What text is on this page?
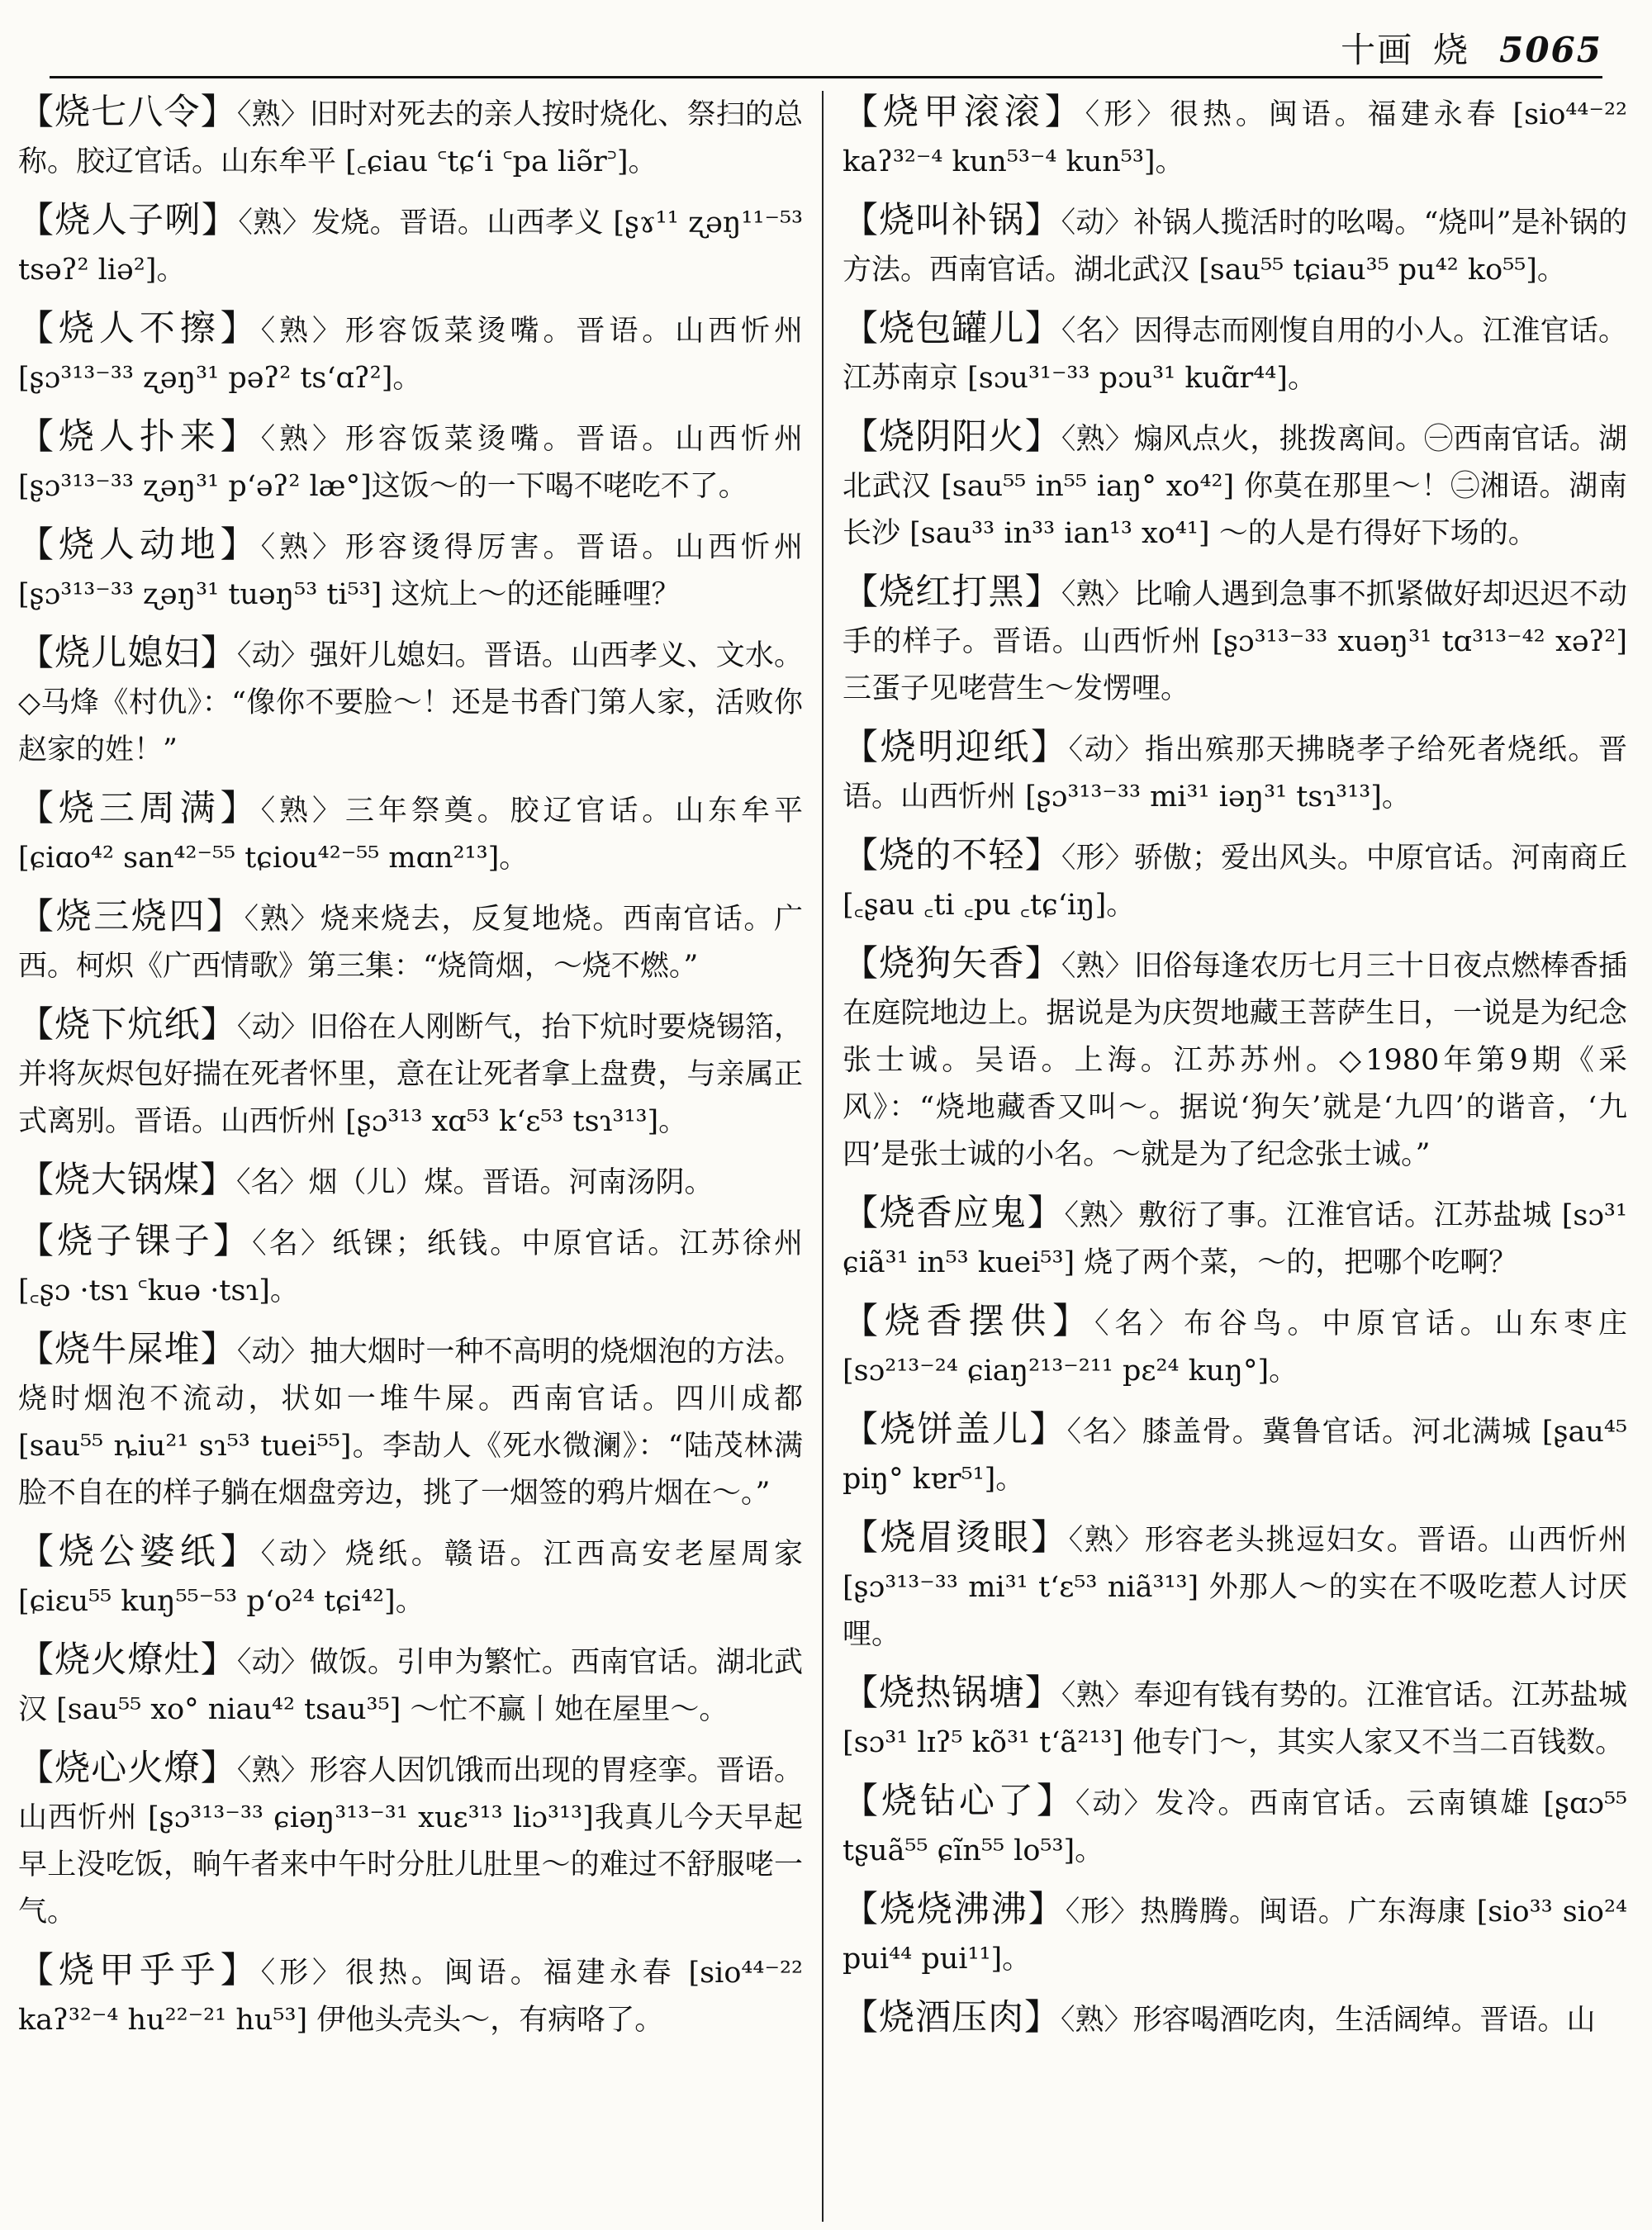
十画 烧 5065
【烧七八令】〈熟〉旧时对死去的亲人按时烧化、祭扫的总称。胶辽官话。山东牟平 [꜀ɕiau ꜂tɕʻi ꜂pa liə̃r꜄]。
【烧人子咧】〈熟〉发烧。晋语。山西孝义 [ʂɤ¹¹ ʐəŋ¹¹⁻⁵³ tsəʔ² liə²]。
【烧人不擦】〈熟〉形容饭菜烫嘴。晋语。山西忻州 [ʂɔ³¹³⁻³³ ʐəŋ³¹ pəʔ² tsʻɑʔ²]。
【烧人扑来】〈熟〉形容饭菜烫嘴。晋语。山西忻州 [ʂɔ³¹³⁻³³ ʐəŋ³¹ pʻəʔ² læ°]这饭～的一下喝不咾吃不了。
【烧人动地】〈熟〉形容烫得厉害。晋语。山西忻州 [ʂɔ³¹³⁻³³ ʐəŋ³¹ tuəŋ⁵³ ti⁵³] 这炕上～的还能睡哩？
【烧儿媳妇】〈动〉强奸儿媳妇。晋语。山西孝义、文水。◇马烽《村仇》：“像你不要脸～！还是书香门第人家，活败你赵家的姓！”
【烧三周满】〈熟〉三年祭奠。胶辽官话。山东牟平 [ɕiɑo⁴² san⁴²⁻⁵⁵ tɕiou⁴²⁻⁵⁵ mɑn²¹³]。
【烧三烧四】〈熟〉烧来烧去，反复地烧。西南官话。广西。柯炽《广西情歌》第三集：“烧筒烟，～烧不燃。”
【烧下炕纸】〈动〉旧俗在人刚断气，抬下炕时要烧锡箔，并将灰烬包好揣在死者怀里，意在让死者拿上盘费，与亲属正式离别。晋语。山西忻州 [ʂɔ³¹³ xɑ⁵³ kʻɛ⁵³ tsɿ³¹³]。
【烧大锅煤】〈名〉烟（儿）煤。晋语。河南汤阴。
【烧子锞子】〈名〉纸锞；纸钱。中原官话。江苏徐州 [꜀ʂɔ ·tsɿ ꜂kuə ·tsɿ]。
【烧牛屎堆】〈动〉抽大烟时一种不高明的烧烟泡的方法。烧时烟泡不流动，状如一堆牛屎。西南官话。四川成都 [sau⁵⁵ ȵiu²¹ sɿ⁵³ tuei⁵⁵]。李劼人《死水微澜》：“陆茂林满脸不自在的样子躺在烟盘旁边，挑了一烟签的鸦片烟在～。”
【烧公婆纸】〈动〉烧纸。赣语。江西高安老屋周家 [ɕiɛu⁵⁵ kuŋ⁵⁵⁻⁵³ pʻo²⁴ tɕi⁴²]。
【烧火燎灶】〈动〉做饭。引申为繁忙。西南官话。湖北武汉 [sau⁵⁵ xo° niau⁴² tsau³⁵] ～忙不赢丨她在屋里～。
【烧心火燎】〈熟〉形容人因饥饿而出现的胃痉挛。晋语。山西忻州 [ʂɔ³¹³⁻³³ ɕiəŋ³¹³⁻³¹ xuɛ³¹³ liɔ³¹³]我真儿今天早起早上没吃饭，晌午者来中午时分肚儿肚里～的难过不舒服咾一气。
【烧甲乎乎】〈形〉很热。闽语。福建永春 [sio⁴⁴⁻²² kaʔ³²⁻⁴ hu²²⁻²¹ hu⁵³] 伊他头壳头～，有病咯了。
【烧甲滚滚】〈形〉很热。闽语。福建永春 [sio⁴⁴⁻²² kaʔ³²⁻⁴ kun⁵³⁻⁴ kun⁵³]。
【烧叫补锅】〈动〉补锅人揽活时的吆喝。“烧叫”是补锅的方法。西南官话。湖北武汉 [sau⁵⁵ tɕiau³⁵ pu⁴² ko⁵⁵]。
【烧包罐儿】〈名〉因得志而刚愎自用的小人。江淮官话。江苏南京 [sɔu³¹⁻³³ pɔu³¹ kuɑ̃r⁴⁴]。
【烧阴阳火】〈熟〉煽风点火，挑拨离间。㊀西南官话。湖北武汉 [sau⁵⁵ in⁵⁵ iaŋ° xo⁴²] 你莫在那里～！㊁湘语。湖南长沙 [sau³³ in³³ ian¹³ xo⁴¹] ～的人是冇得好下场的。
【烧红打黑】〈熟〉比喻人遇到急事不抓紧做好却迟迟不动手的样子。晋语。山西忻州 [ʂɔ³¹³⁻³³ xuəŋ³¹ tɑ³¹³⁻⁴² xəʔ²] 三蛋子见咾营生～发愣哩。
【烧明迎纸】〈动〉指出殡那天拂晓孝子给死者烧纸。晋语。山西忻州 [ʂɔ³¹³⁻³³ mi³¹ iəŋ³¹ tsɿ³¹³]。
【烧的不轻】〈形〉骄傲；爱出风头。中原官话。河南商丘 [꜀ʂau ꜀ti ꜀pu ꜀tɕʻiŋ]。
【烧狗矢香】〈熟〉旧俗每逢农历七月三十日夜点燃棒香插在庭院地边上。据说是为庆贺地藏王菩萨生日，一说是为纪念张士诚。吴语。上海。江苏苏州。◇1980年第9期《采风》：“烧地藏香又叫～。据说‘狗矢’就是‘九四’的谐音，‘九四’是张士诚的小名。～就是为了纪念张士诚。”
【烧香应鬼】〈熟〉敷衍了事。江淮官话。江苏盐城 [sɔ³¹ ɕiã³¹ in⁵³ kuei⁵³] 烧了两个菜，～的，把哪个吃啊？
【烧香摆供】〈名〉布谷鸟。中原官话。山东枣庄 [sɔ²¹³⁻²⁴ ɕiaŋ²¹³⁻²¹¹ pɛ²⁴ kuŋ°]。
【烧饼盖儿】〈名〉膝盖骨。冀鲁官话。河北满城 [ʂau⁴⁵ piŋ° kɐr⁵¹]。
【烧眉烫眼】〈熟〉形容老头挑逗妇女。晋语。山西忻州 [ʂɔ³¹³⁻³³ mi³¹ tʻɛ⁵³ niã³¹³] 外那人～的实在不吸吃惹人讨厌哩。
【烧热锅塘】〈熟〉奉迎有钱有势的。江淮官话。江苏盐城 [sɔ³¹ lɪʔ⁵ kõ³¹ tʻã²¹³] 他专门～，其实人家又不当二百钱数。
【烧钻心了】〈动〉发冷。西南官话。云南镇雄 [ʂɑɔ⁵⁵ tʂuã⁵⁵ ɕĩn⁵⁵ lo⁵³]。
【烧烧沸沸】〈形〉热腾腾。闽语。广东海康 [sio³³ sio²⁴ pui⁴⁴ pui¹¹]。
【烧酒压肉】〈熟〉形容喝酒吃肉，生活阔绰。晋语。山
